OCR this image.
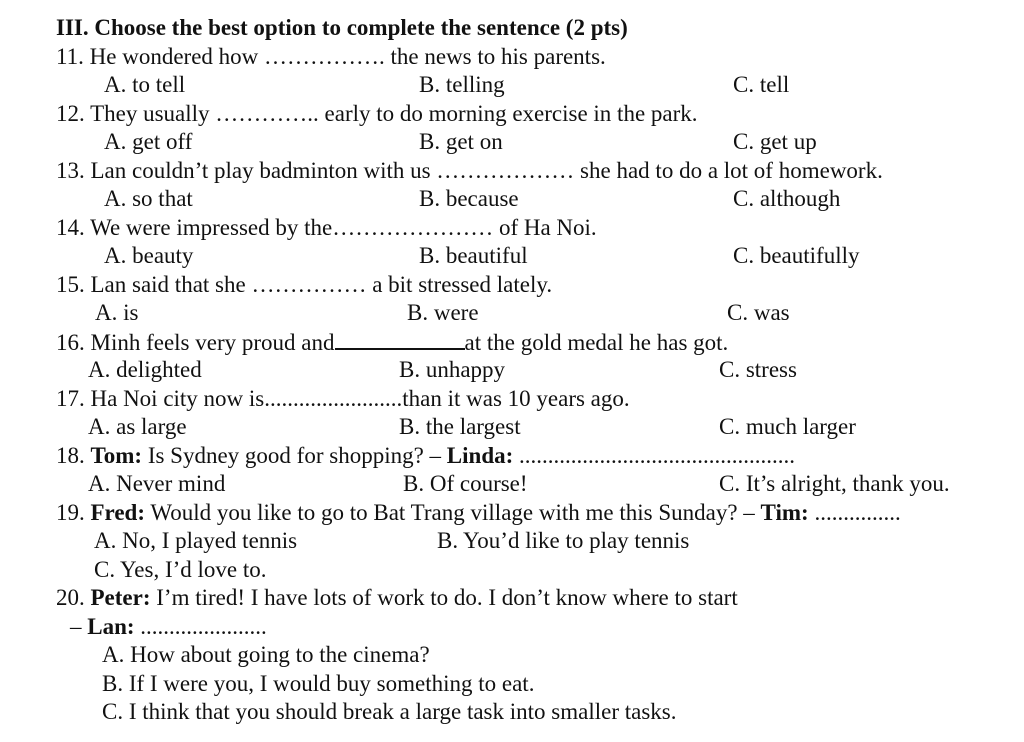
III. Choose the best option to complete the sentence (2 pts)
11. He wondered how ……………. the news to his parents.
A. to tell	B. telling	C. tell
12. They usually ………….. early to do morning exercise in the park.
A. get off	B. get on	C. get up
13. Lan couldn’t play badminton with us ……………… she had to do a lot of homework.
A. so that	B. because	C. although
14. We were impressed by the………………… of Ha Noi.
A. beauty	B. beautiful	C. beautifully
15. Lan said that she …………… a bit stressed lately.
A. is	B. were	C. was
16. Minh feels very proud and	at the gold medal he has got.
A. delighted	B. unhappy	C. stress
17. Ha Noi city now is........................than it was 10 years ago.
A. as large	B. the largest	C. much larger
18. Tom: Is Sydney good for shopping? – Linda: ................................................
A. Never mind	B. Of course!	C. It’s alright, thank you.
19. Fred: Would you like to go to Bat Trang village with me this Sunday? – Tim: ...............
A. No, I played tennis	B. You’d like to play tennis
C. Yes, I’d love to.
20. Peter: I’m tired! I have lots of work to do. I don’t know where to start
– Lan: ......................
A. How about going to the cinema?
B. If I were you, I would buy something to eat.
C. I think that you should break a large task into smaller tasks.
